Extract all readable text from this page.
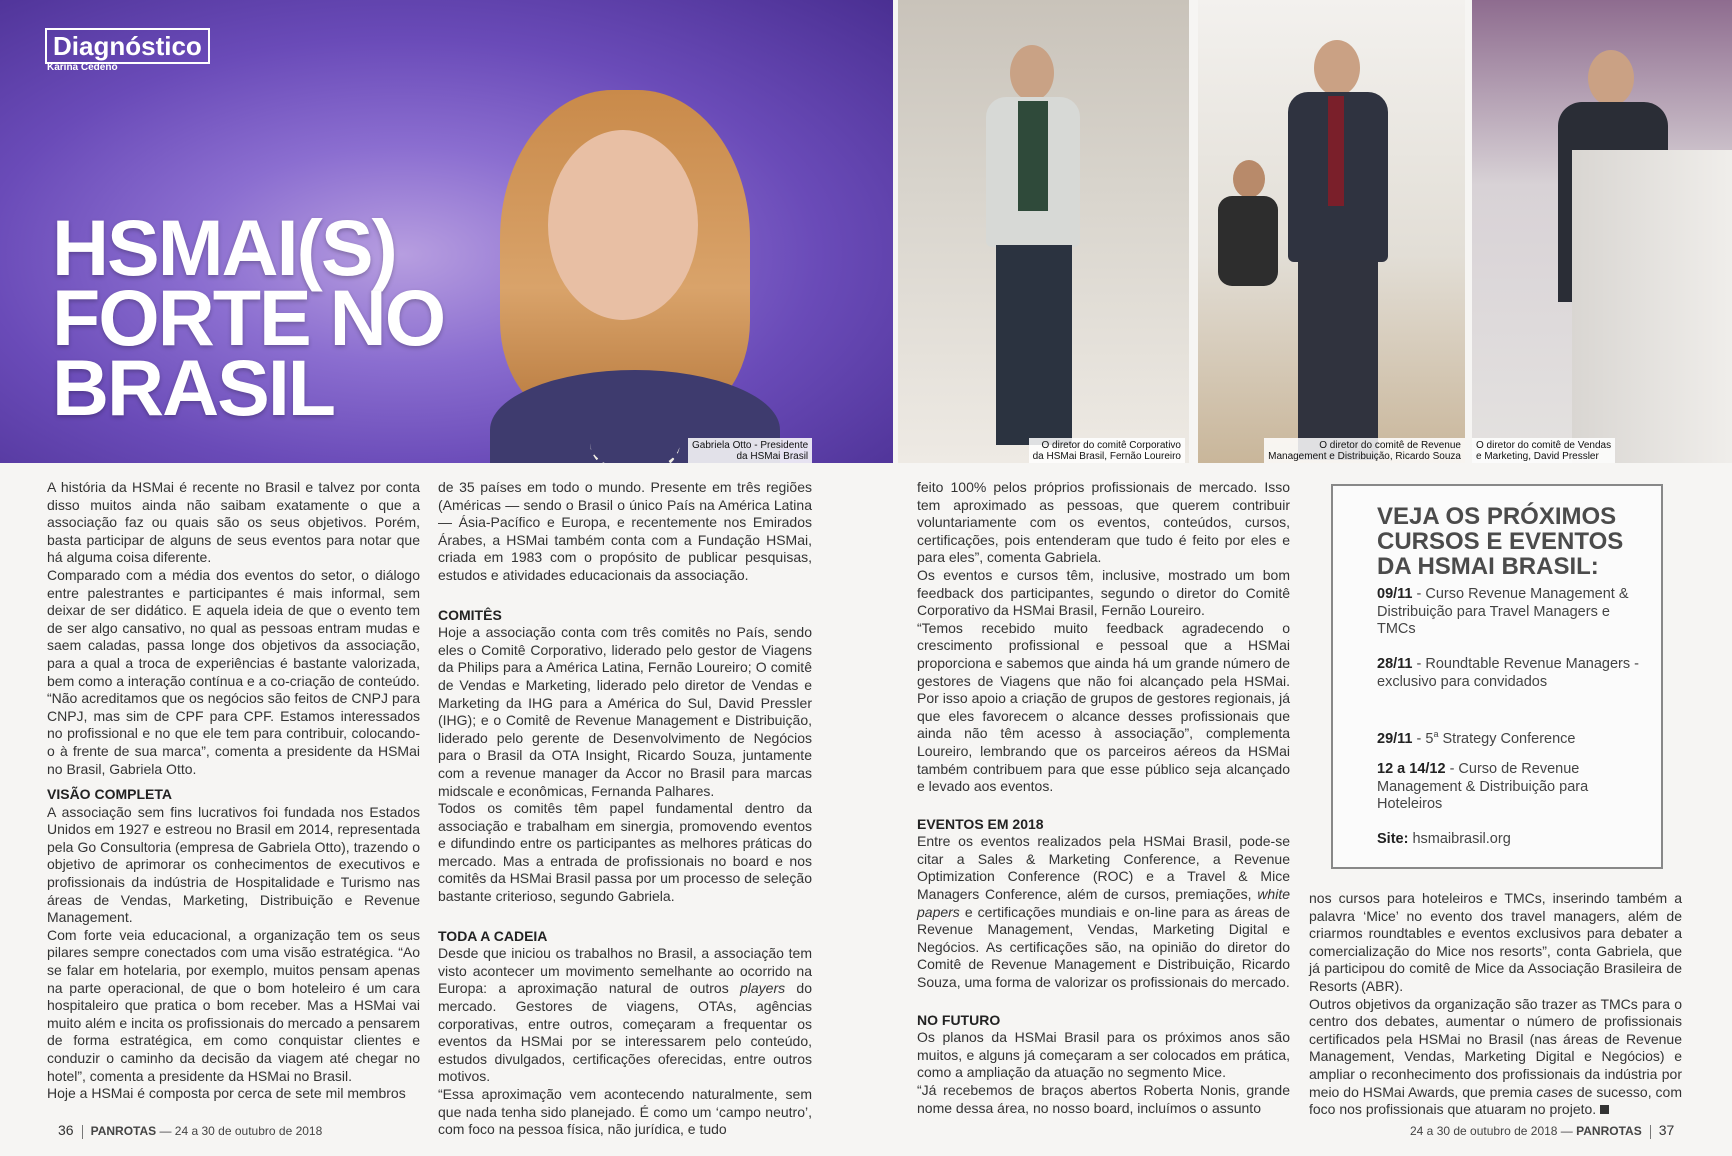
Diagnóstico
Karina Cedeño
HSMAI(S)
FORTE NO
BRASIL
Gabriela Otto - Presidente
da HSMai Brasil
O diretor do comitê Corporativo
da HSMai Brasil, Fernão Loureiro
O diretor do comitê de Revenue
Management e Distribuição, Ricardo Souza
O diretor do comitê de Vendas
e Marketing, David Pressler

A história da HSMai é recente no Brasil e talvez por conta disso muitos ainda não saibam exatamente o que a associação faz ou quais são os seus objetivos. Porém, basta participar de alguns de seus eventos para notar que há alguma coisa diferente.

Comparado com a média dos eventos do setor, o diálogo entre palestrantes e participantes é mais informal, sem deixar de ser didático. E aquela ideia de que o evento tem de ser algo cansativo, no qual as pessoas entram mudas e saem caladas, passa longe dos objetivos da associação, para a qual a troca de experiências é bastante valorizada, bem como a interação contínua e a co-criação de conteúdo.

“Não acreditamos que os negócios são feitos de CNPJ para CNPJ, mas sim de CPF para CPF. Estamos interessados no profissional e no que ele tem para contribuir, colocando-o à frente de sua marca”, comenta a presidente da HSMai no Brasil, Gabriela Otto.

VISÃO COMPLETA

A associação sem fins lucrativos foi fundada nos Estados Unidos em 1927 e estreou no Brasil em 2014, representada pela Go Consultoria (empresa de Gabriela Otto), trazendo o objetivo de aprimorar os conhecimentos de executivos e profissionais da indústria de Hospitalidade e Turismo nas áreas de Vendas, Marketing, Distribuição e Revenue Management.

Com forte veia educacional, a organização tem os seus pilares sempre conectados com uma visão estratégica. “Ao se falar em hotelaria, por exemplo, muitos pensam apenas na parte operacional, de que o bom hoteleiro é um cara hospitaleiro que pratica o bom receber. Mas a HSMai vai muito além e incita os profissionais do mercado a pensarem de forma estratégica, em como conquistar clientes e conduzir o caminho da decisão da viagem até chegar no hotel”, comenta a presidente da HSMai no Brasil.

Hoje a HSMai é composta por cerca de sete mil membros

de 35 países em todo o mundo. Presente em três regiões (Américas — sendo o Brasil o único País na América Latina — Ásia-Pacífico e Europa, e recentemente nos Emirados Árabes, a HSMai também conta com a Fundação HSMai, criada em 1983 com o propósito de publicar pesquisas, estudos e atividades educacionais da associação.

COMITÊS

Hoje a associação conta com três comitês no País, sendo eles o Comitê Corporativo, liderado pelo gestor de Viagens da Philips para a América Latina, Fernão Loureiro; O comitê de Vendas e Marketing, liderado pelo diretor de Vendas e Marketing da IHG para a América do Sul, David Pressler (IHG); e o Comitê de Revenue Management e Distribuição, liderado pelo gerente de Desenvolvimento de Negócios para o Brasil da OTA Insight, Ricardo Souza, juntamente com a revenue manager da Accor no Brasil para marcas midscale e econômicas, Fernanda Palhares.

Todos os comitês têm papel fundamental dentro da associação e trabalham em sinergia, promovendo eventos e difundindo entre os participantes as melhores práticas do mercado. Mas a entrada de profissionais no board e nos comitês da HSMai Brasil passa por um processo de seleção bastante criterioso, segundo Gabriela.

TODA A CADEIA

Desde que iniciou os trabalhos no Brasil, a associação tem visto acontecer um movimento semelhante ao ocorrido na Europa: a aproximação natural de outros players do mercado. Gestores de viagens, OTAs, agências corporativas, entre outros, começaram a frequentar os eventos da HSMai por se interessarem pelo conteúdo, estudos divulgados, certificações oferecidas, entre outros motivos.

“Essa aproximação vem acontecendo naturalmente, sem que nada tenha sido planejado. É como um ‘campo neutro’, com foco na pessoa física, não jurídica, e tudo

feito 100% pelos próprios profissionais de mercado. Isso tem aproximado as pessoas, que querem contribuir voluntariamente com os eventos, conteúdos, cursos, certificações, pois entenderam que tudo é feito por eles e para eles”, comenta Gabriela.

Os eventos e cursos têm, inclusive, mostrado um bom feedback dos participantes, segundo o diretor do Comitê Corporativo da HSMai Brasil, Fernão Loureiro.

“Temos recebido muito feedback agradecendo o crescimento profissional e pessoal que a HSMai proporciona e sabemos que ainda há um grande número de gestores de Viagens que não foi alcançado pela HSMai. Por isso apoio a criação de grupos de gestores regionais, já que eles favorecem o alcance desses profissionais que ainda não têm acesso à associação”, complementa Loureiro, lembrando que os parceiros aéreos da HSMai também contribuem para que esse público seja alcançado e levado aos eventos.

EVENTOS EM 2018

Entre os eventos realizados pela HSMai Brasil, pode-se citar a Sales & Marketing Conference, a Revenue Optimization Conference (ROC) e a Travel & Mice Managers Conference, além de cursos, premiações, white papers e certificações mundiais e on-line para as áreas de Revenue Management, Vendas, Marketing Digital e Negócios. As certificações são, na opinião do diretor do Comitê de Revenue Management e Distribuição, Ricardo Souza, uma forma de valorizar os profissionais do mercado.

NO FUTURO

Os planos da HSMai Brasil para os próximos anos são muitos, e alguns já começaram a ser colocados em prática, como a ampliação da atuação no segmento Mice.

“Já recebemos de braços abertos Roberta Nonis, grande nome dessa área, no nosso board, incluímos o assunto

VEJA OS PRÓXIMOS
CURSOS E EVENTOS
DA HSMAI BRASIL:
09/11 - Curso Revenue Management & Distribuição para Travel Managers e TMCs
28/11 - Roundtable Revenue Managers - exclusivo para convidados
29/11 - 5$^a$ Strategy Conference
12 a 14/12 - Curso de Revenue Management & Distribuição para Hoteleiros
Site: hsmaibrasil.org

nos cursos para hoteleiros e TMCs, inserindo também a palavra ‘Mice’ no evento dos travel managers, além de criarmos roundtables e eventos exclusivos para debater a comercialização do Mice nos resorts”, conta Gabriela, que já participou do comitê de Mice da Associação Brasileira de Resorts (ABR).

Outros objetivos da organização são trazer as TMCs para o centro dos debates, aumentar o número de profissionais certificados pela HSMai no Brasil (nas áreas de Revenue Management, Vendas, Marketing Digital e Negócios) e ampliar o reconhecimento dos profissionais da indústria por meio do HSMai Awards, que premia cases de sucesso, com foco nos profissionais que atuaram no projeto.

36 PANROTAS — 24 a 30 de outubro de 2018	24 a 30 de outubro de 2018 — PANROTAS 37
